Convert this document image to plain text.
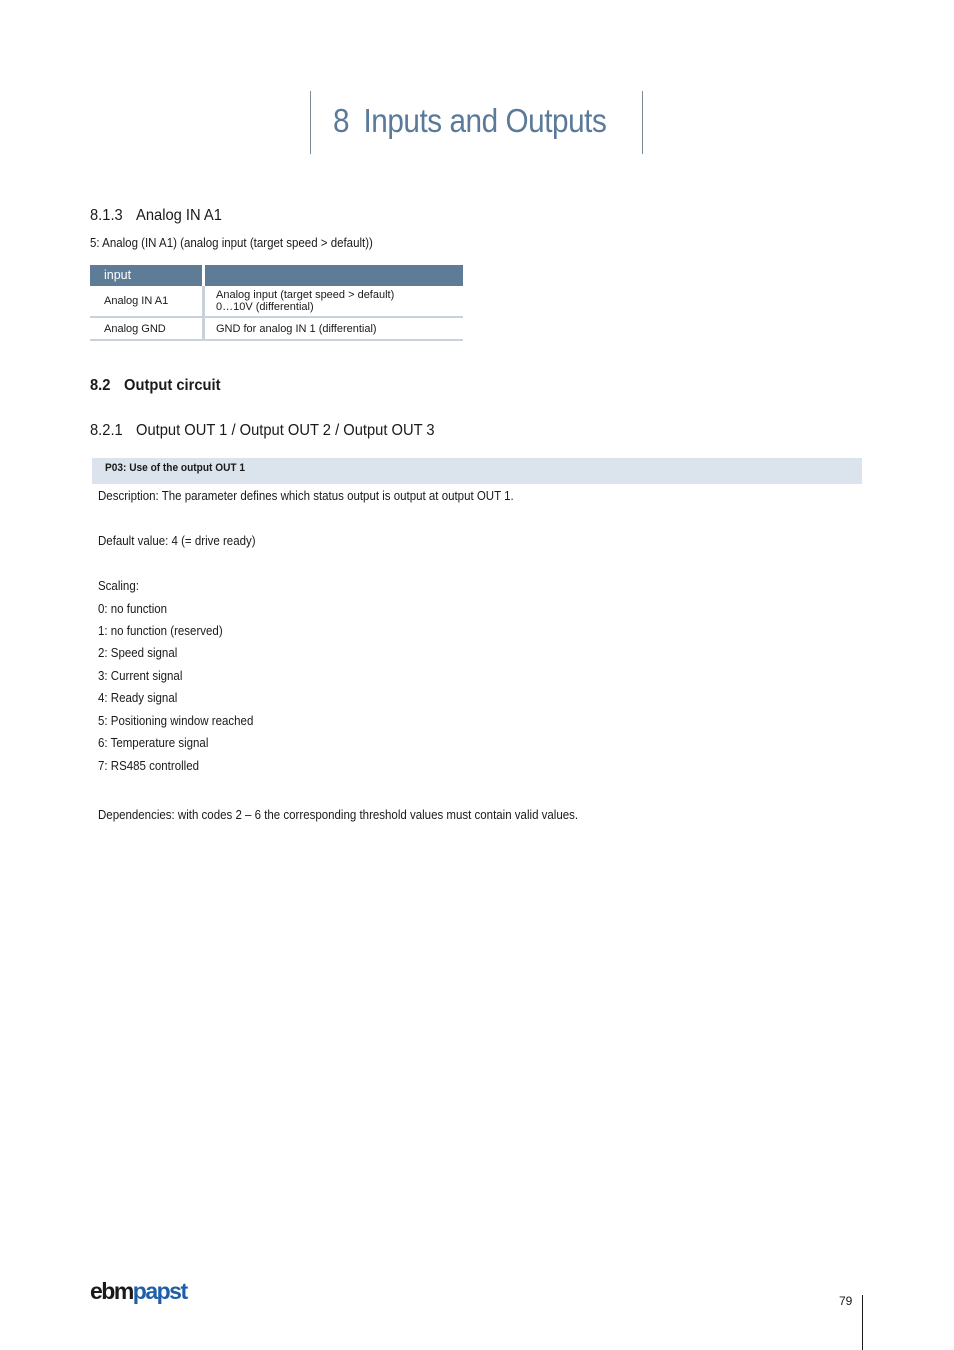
8 Inputs and Outputs
8.1.3 Analog IN A1
5: Analog (IN A1) (analog input (target speed > default))
input
Analog IN A1	Analog input (target speed > default)
0…10V (differential)
Analog GND	GND for analog IN 1 (differential)
8.2 Output circuit
8.2.1 Output OUT 1 / Output OUT 2 / Output OUT 3
P03: Use of the output OUT 1
Description: The parameter defines which status output is output at output OUT 1.
Default value: 4 (= drive ready)
Scaling:
0: no function
1: no function (reserved)
2: Speed signal
3: Current signal
4: Ready signal
5: Positioning window reached
6: Temperature signal
7: RS485 controlled
Dependencies: with codes 2 – 6 the corresponding threshold values must contain valid values.
ebmpapst	79
